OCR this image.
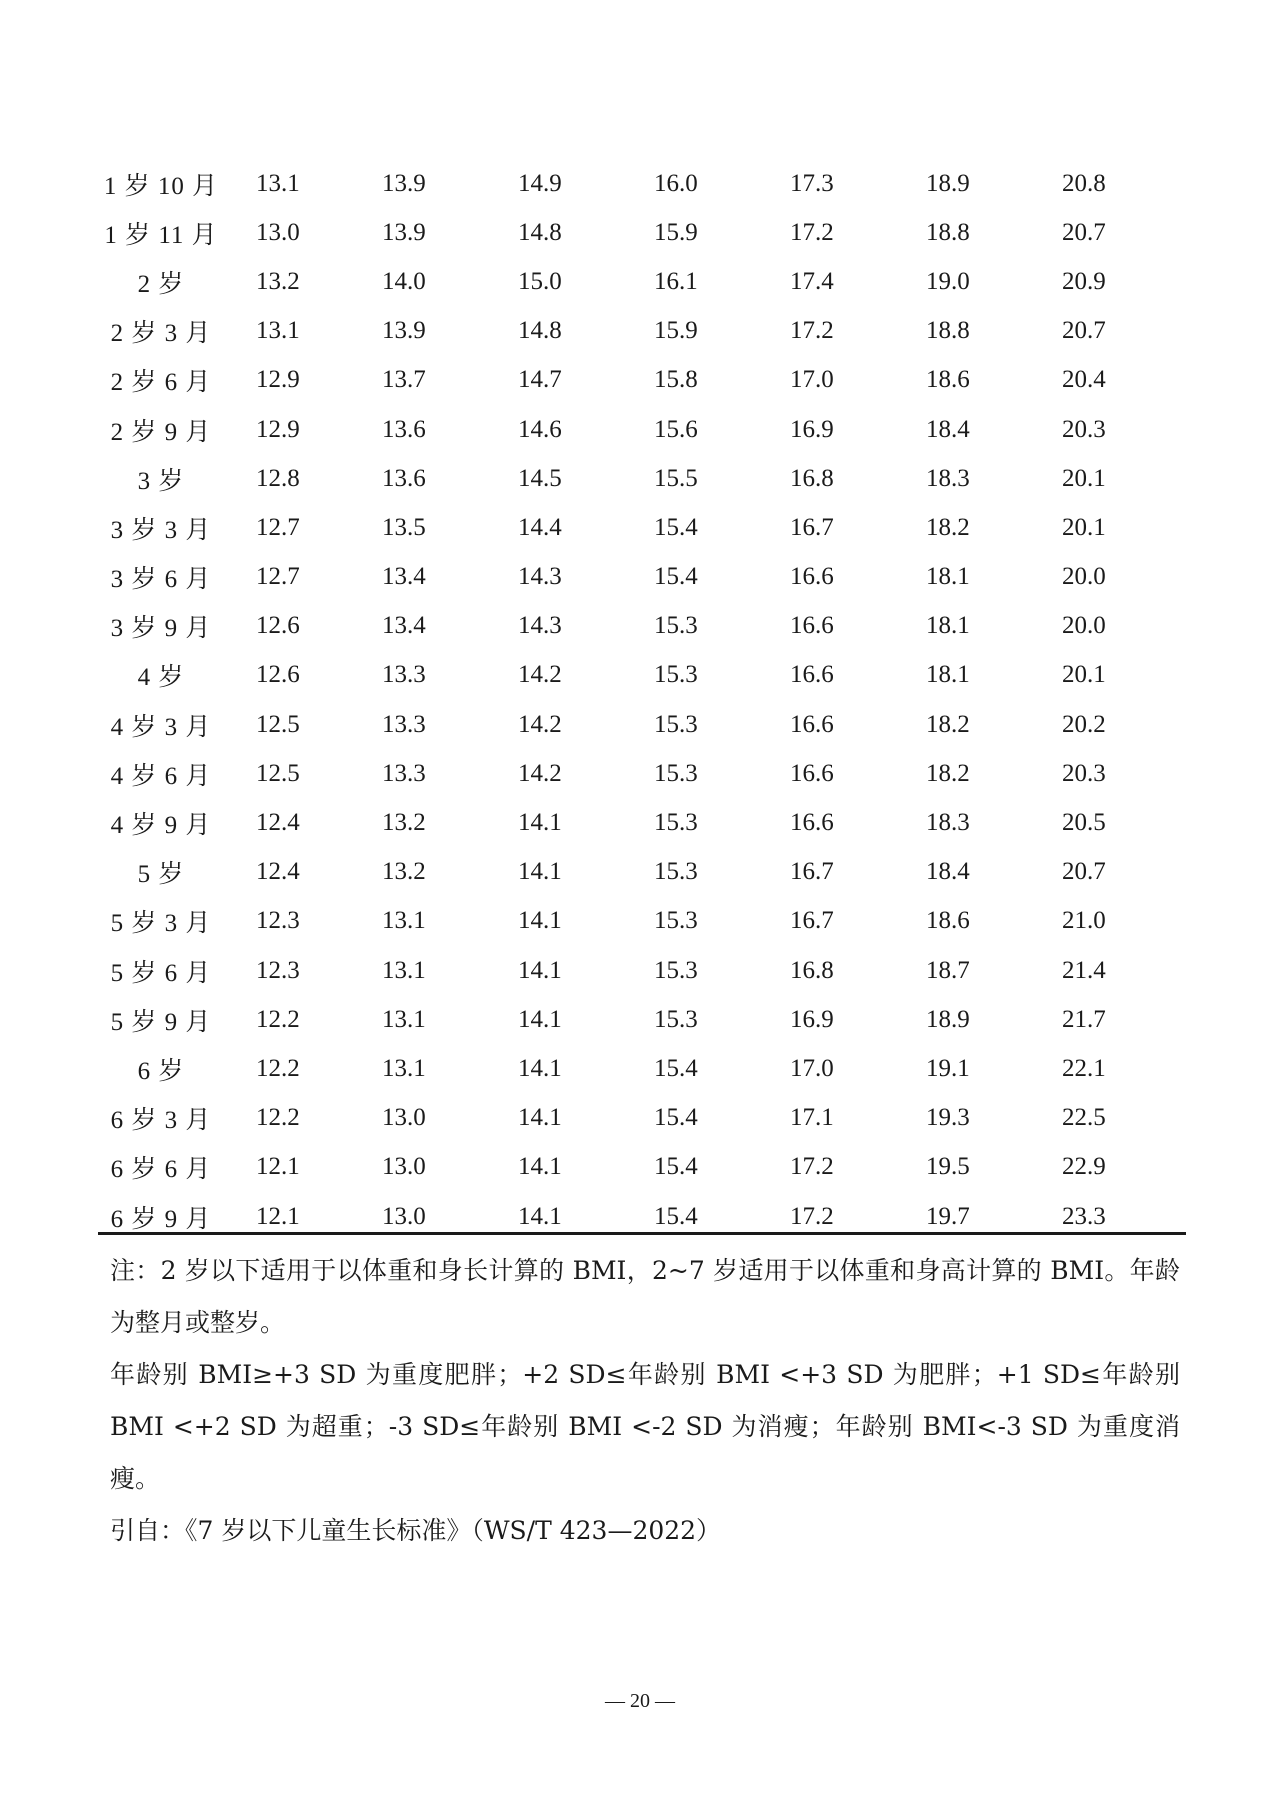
1 岁 10 月	13.1	13.9	14.9	16.0	17.3	18.9	20.8
1 岁 11 月	13.0	13.9	14.8	15.9	17.2	18.8	20.7
2 岁	13.2	14.0	15.0	16.1	17.4	19.0	20.9
2 岁 3 月	13.1	13.9	14.8	15.9	17.2	18.8	20.7
2 岁 6 月	12.9	13.7	14.7	15.8	17.0	18.6	20.4
2 岁 9 月	12.9	13.6	14.6	15.6	16.9	18.4	20.3
3 岁	12.8	13.6	14.5	15.5	16.8	18.3	20.1
3 岁 3 月	12.7	13.5	14.4	15.4	16.7	18.2	20.1
3 岁 6 月	12.7	13.4	14.3	15.4	16.6	18.1	20.0
3 岁 9 月	12.6	13.4	14.3	15.3	16.6	18.1	20.0
4 岁	12.6	13.3	14.2	15.3	16.6	18.1	20.1
4 岁 3 月	12.5	13.3	14.2	15.3	16.6	18.2	20.2
4 岁 6 月	12.5	13.3	14.2	15.3	16.6	18.2	20.3
4 岁 9 月	12.4	13.2	14.1	15.3	16.6	18.3	20.5
5 岁	12.4	13.2	14.1	15.3	16.7	18.4	20.7
5 岁 3 月	12.3	13.1	14.1	15.3	16.7	18.6	21.0
5 岁 6 月	12.3	13.1	14.1	15.3	16.8	18.7	21.4
5 岁 9 月	12.2	13.1	14.1	15.3	16.9	18.9	21.7
6 岁	12.2	13.1	14.1	15.4	17.0	19.1	22.1
6 岁 3 月	12.2	13.0	14.1	15.4	17.1	19.3	22.5
6 岁 6 月	12.1	13.0	14.1	15.4	17.2	19.5	22.9
6 岁 9 月	12.1	13.0	14.1	15.4	17.2	19.7	23.3

注：2 岁以下适用于以体重和身长计算的 BMI，2~7 岁适用于以体重和身高计算的 BMI。年龄为整月或整岁。

年龄别 BMI≥+3 SD 为重度肥胖；+2 SD≤年龄别 BMI <+3 SD 为肥胖；+1 SD≤年龄别 BMI <+2 SD 为超重；-3 SD≤年龄别 BMI <-2 SD 为消瘦；年龄别 BMI<-3 SD 为重度消瘦。

引自：《7 岁以下儿童生长标准》（WS/T 423—2022）

— 20 —
